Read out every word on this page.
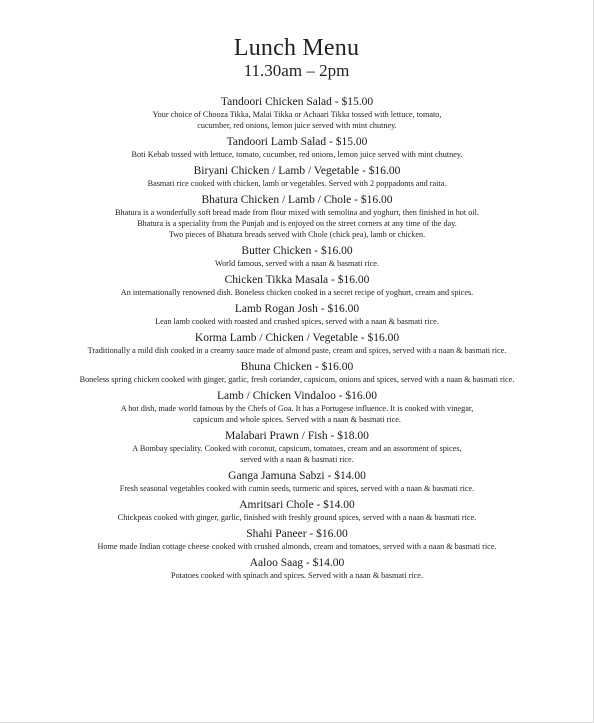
Lunch Menu
11.30am – 2pm
Tandoori Chicken Salad - $15.00
Your choice of Chooza Tikka, Malai Tikka or Achaari Tikka tossed with lettuce, tomato,
cucumber, red onions, lemon juice served with mint chutney.
Tandoori Lamb Salad - $15.00
Boti Kebab tossed with lettuce, tomato, cucumber, red onions, lemon juice served with mint chutney.
Biryani Chicken / Lamb / Vegetable - $16.00
Basmati rice cooked with chicken, lamb or vegetables. Served with 2 poppadoms and raita.
Bhatura Chicken / Lamb / Chole - $16.00
Bhatura is a wonderfully soft bread made from flour mixed with semolina and yoghurt, then finished in hot oil.
Bhatura is a speciality from the Punjab and is enjoyed on the street corners at any time of the day.
Two pieces of Bhatura breads served with Chole (chick pea), lamb or chicken.
Butter Chicken - $16.00
World famous, served with a naan & basmati rice.
Chicken Tikka Masala - $16.00
An internationally renowned dish. Boneless chicken cooked in a secret recipe of yoghurt, cream and spices.
Lamb Rogan Josh - $16.00
Lean lamb cooked with roasted and crushed spices, served with a naan & basmati rice.
Korma Lamb / Chicken / Vegetable - $16.00
Traditionally a mild dish cooked in a creamy sauce made of almond paste, cream and spices, served with a naan & basmati rice.
Bhuna Chicken - $16.00
Boneless spring chicken cooked with ginger, garlic, fresh coriander, capsicum, onions and spices, served with a naan & basmati rice.
Lamb / Chicken Vindaloo - $16.00
A hot dish, made world famous by the Chefs of Goa. It has a Portugese influence. It is cooked with vinegar,
capsicum and whole spices. Served with a naan & basmati rice.
Malabari Prawn / Fish - $18.00
A Bombay speciality. Cooked with coconut, capsicum, tomatoes, cream and an assortment of spices,
served with a naan & basmati rice.
Ganga Jamuna Sabzi - $14.00
Fresh seasonal vegetables cooked with cumin seeds, turmeric and spices, served with a naan & basmati rice.
Amritsari Chole - $14.00
Chickpeas cooked with ginger, garlic, finished with freshly ground spices, served with a naan & basmati rice.
Shahi Paneer - $16.00
Home made Indian cottage cheese cooked with crushed almonds, cream and tomatoes, served with a naan & basmati rice.
Aaloo Saag - $14.00
Potatoes cooked with spinach and spices. Served with a naan & basmati rice.
